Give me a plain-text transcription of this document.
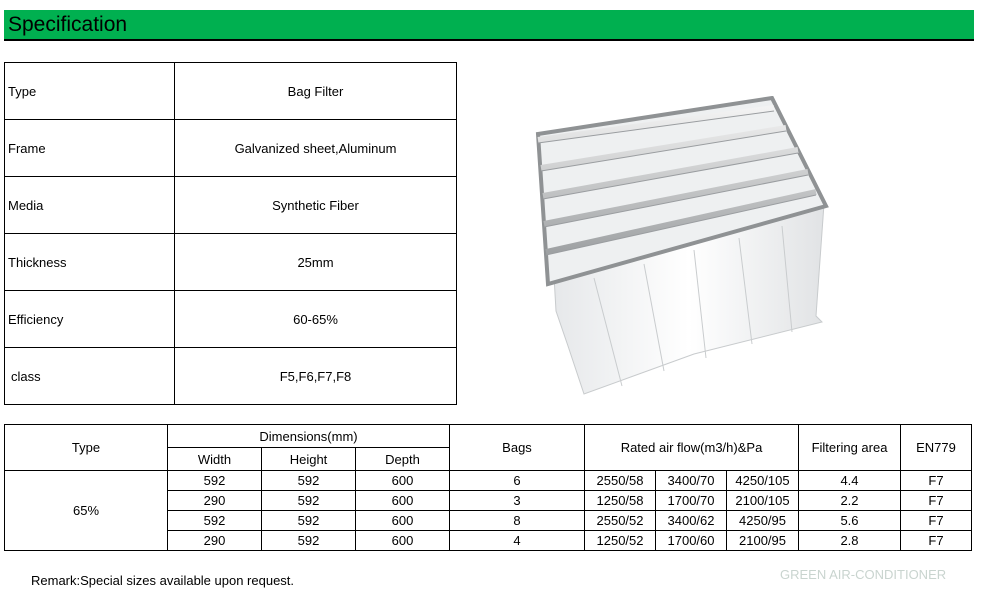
Specification
Type	Bag Filter
Frame	Galvanized sheet,Aluminum
Media	Synthetic Fiber
Thickness	25mm
Efficiency	60-65%
class	F5,F6,F7,F8
Type	Dimensions(mm)			Bags	Rated air flow(m3/h)&Pa			Filtering area	EN779
	Width	Height	Depth						
65%	592	592	600	6	2550/58	3400/70	4250/105	4.4	F7
	290	592	600	3	1250/58	1700/70	2100/105	2.2	F7
	592	592	600	8	2550/52	3400/62	4250/95	5.6	F7
	290	592	600	4	1250/52	1700/60	2100/95	2.8	F7
Remark:Special sizes available upon request.	GREEN AIR-CONDITIONER
